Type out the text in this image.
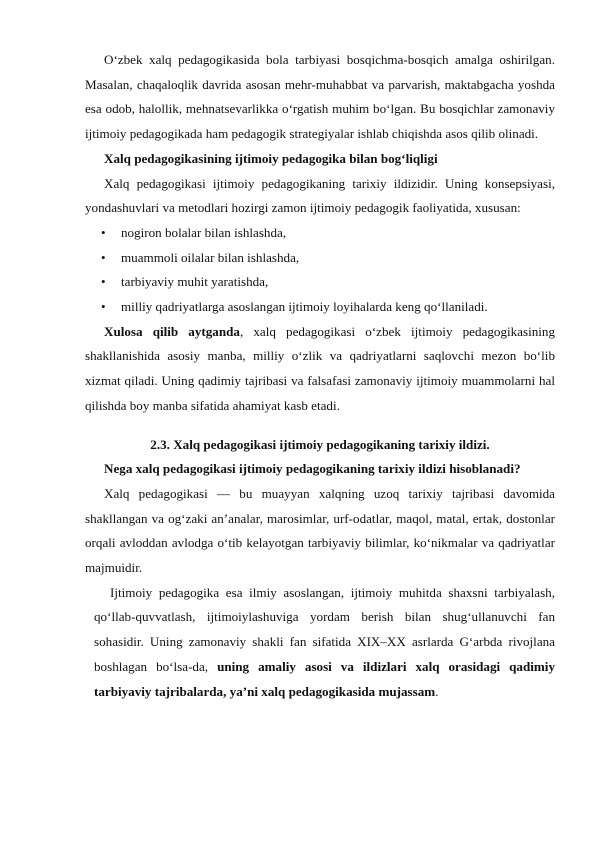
O‘zbek xalq pedagogikasida bola tarbiyasi bosqichma-bosqich amalga oshirilgan. Masalan, chaqaloqlik davrida asosan mehr-muhabbat va parvarish, maktabgacha yoshda esa odob, halollik, mehnatsevarlikka o‘rgatish muhim bo‘lgan. Bu bosqichlar zamonaviy ijtimoiy pedagogikada ham pedagogik strategiyalar ishlab chiqishda asos qilib olinadi.

Xalq pedagogikasining ijtimoiy pedagogika bilan bog‘liqligi

Xalq pedagogikasi ijtimoiy pedagogikaning tarixiy ildizidir. Uning konsepsiyasi, yondashuvlari va metodlari hozirgi zamon ijtimoiy pedagogik faoliyatida, xususan:

• nogiron bolalar bilan ishlashda,
• muammoli oilalar bilan ishlashda,
• tarbiyaviy muhit yaratishda,
• milliy qadriyatlarga asoslangan ijtimoiy loyihalarda keng qo‘llaniladi.

Xulosa qilib aytganda, xalq pedagogikasi o‘zbek ijtimoiy pedagogikasining shakllanishida asosiy manba, milliy o‘zlik va qadriyatlarni saqlovchi mezon bo‘lib xizmat qiladi. Uning qadimiy tajribasi va falsafasi zamonaviy ijtimoiy muammolarni hal qilishda boy manba sifatida ahamiyat kasb etadi.

2.3. Xalq pedagogikasi ijtimoiy pedagogikaning tarixiy ildizi.

Nega xalq pedagogikasi ijtimoiy pedagogikaning tarixiy ildizi hisoblanadi?

Xalq pedagogikasi — bu muayyan xalqning uzoq tarixiy tajribasi davomida shakllangan va og‘zaki an’analar, marosimlar, urf-odatlar, maqol, matal, ertak, dostonlar orqali avloddan avlodga o‘tib kelayotgan tarbiyaviy bilimlar, ko‘nikmalar va qadriyatlar majmuidir.

Ijtimoiy pedagogika esa ilmiy asoslangan, ijtimoiy muhitda shaxsni tarbiyalash, qo‘llab-quvvatlash, ijtimoiylashuviga yordam berish bilan shug‘ullanuvchi fan sohasidir. Uning zamonaviy shakli fan sifatida XIX–XX asrlarda G‘arbda rivojlana boshlagan bo‘lsa-da, uning amaliy asosi va ildizlari xalq orasidagi qadimiy tarbiyaviy tajribalarda, ya’ni xalq pedagogikasida mujassam.
